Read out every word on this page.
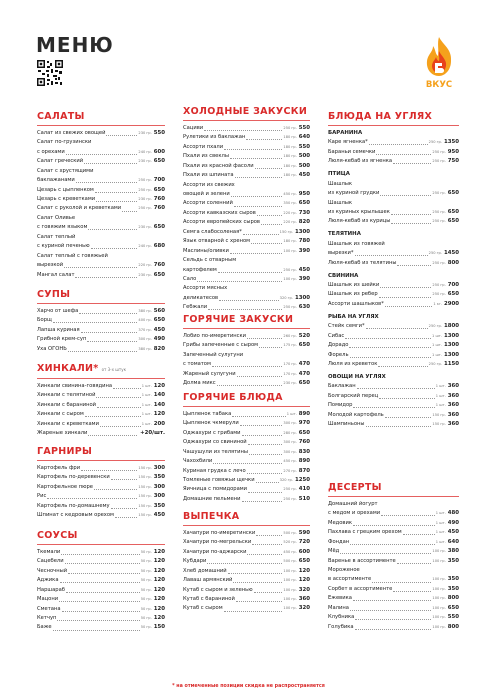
МЕНЮ
ВКУС
САЛАТЫ
Салат из свежих овощей	230 гр. 550
Салат по-грузински
с орехами	240 гр. 600
Салат греческий	230 гр. 650
Салат с хрустящими
баклажанами	250 гр. 700
Цезарь с цыпленком	250 гр. 650
Цезарь с креветками	230 гр. 760
Салат с руколой и креветками	250 гр. 760
Салат Оливье
с говяжим языком	230 гр. 650
Салат теплый
с куриной печенью	240 гр. 680
Салат теплый с говяжьей
вырезкой	220 гр. 760
Мангал салат	230 гр. 650
СУПЫ
Харчо от шефа	380 гр. 560
Борщ	400 гр. 650
Лапша куриная	370 гр. 450
Грибной крем-суп	300 гр. 490
Уха ОГОНЬ	380 гр. 820
ХИНКАЛИ* от 3-х штук
Хинкали свинина-говядина	1 шт. 120
Хинкали с телятиной	1 шт. 140
Хинкали с бараниной	1 шт. 140
Хинкали с сыром	1 шт. 120
Хинкали с креветками	1 шт. 200
Жареные хинкали	+20/шт.
ГАРНИРЫ
Картофель фри	150 гр. 300
Картофель по-деревенски	150 гр. 350
Картофельное пюре	150 гр. 300
Рис	150 гр. 300
Картофель по-домашнему	150 гр. 350
Шпинат с кедровым орехом	150 гр. 450
СОУСЫ
Ткемали	50 гр. 120
Сацебели	50 гр. 120
Чесночный	50 гр. 120
Аджика	50 гр. 120
Наршараб	50 гр. 120
Мацони	50 гр. 120
Сметана	50 гр. 120
Кетчуп	50 гр. 120
Баже	50 гр. 150
ХОЛОДНЫЕ ЗАКУСКИ
Сациви	250 гр. 550
Рулетики из баклажан	180 гр. 640
Ассорти пхали	180 гр. 550
Пхали из свеклы	180 гр. 500
Пхали из красной фасоли	180 гр. 500
Пхали из шпината	180 гр. 450
Ассорти из свежих
овощей и зелени	450 гр. 950
Ассорти соленний	350 гр. 650
Ассорти кавказских сыров	220 гр. 730
Ассорти европейских сыров	220 гр. 820
Семга слабосоленая*	150 гр. 1300
Язык отварной с хреном	180 гр. 780
Маслины/оливки	100 гр. 390
Сельдь с отварным
картофелем	250 гр. 450
Сало	100 гр. 390
Ассорти мясных
деликатесов	320 гр. 1300
Гебжали	250 гр. 630
ГОРЯЧИЕ ЗАКУСКИ
Лобио по-имеретински	260 гр. 520
Грибы запеченные с сыром	175 гр. 650
Запеченный сулугуни
с томатом	170 гр. 470
Жареный сулугуни	170 гр. 470
Долма микс	230 гр. 650
ГОРЯЧИЕ БЛЮДА
Цыпленок табака	1 шт. 890
Цыпленок чкмерули	300 гр. 970
Оджахури с грибами	280 гр. 650
Оджахури со свининой	300 гр. 760
Чашушули из телятины	300 гр. 830
Чахохбили	450 гр. 890
Куриная грудка с лечо	270 гр. 870
Томленые говяжьи щечки	320 гр. 1250
Яичница с помидорами	250 гр. 410
Домашние пельмени	250 гр. 510
ВЫПЕЧКА
Хачапури по-имеретински	500 гр. 590
Хачапури по-мегрельски	520 гр. 720
Хачапури по-аджарски	450 гр. 600
Кубдари	500 гр. 650
Хлеб домашний	100 гр. 120
Лаваш армянский	100 гр. 120
Кутаб с сыром и зеленью	100 гр. 320
Кутаб с бараниной	100 гр. 360
Кутаб с сыром	100 гр. 320
БЛЮДА НА УГЛЯХ
БАРАНИНА
Каре ягненка*	250 гр. 1350
Бараньи семечки	250 гр. 950
Люля-кебаб из ягненка	250 гр. 750
ПТИЦА
Шашлык
из куриной грудки	250 гр. 650
Шашлык
из куриных крылышек	250 гр. 650
Люля-кебаб из курицы	250 гр. 650
ТЕЛЯТИНА
Шашлык из говяжей
вырезки*	250 гр. 1450
Люля-кебаб из телятины	250 гр. 800
СВИНИНА
Шашлык из шейки	250 гр. 700
Шашлык из ребер	250 гр. 650
Ассорти шашлыков*	1 кг. 2900
РЫБА НА УГЛЯХ
Стейк семги*	250 гр. 1800
Сибас	1 шт. 1300
Дорадо	1 шт. 1300
Форель	1 шт. 1300
Люля из креветок	250 гр. 1150
ОВОЩИ НА УГЛЯХ
Баклажан	1 шт. 360
Болгарский перец	1 шт. 360
Помидор	1 шт. 360
Молодой картофель	150 гр. 360
Шампиньоны	150 гр. 360
ДЕСЕРТЫ
Домашний йогурт
с медом и орехами	1 шт. 480
Медовик	1 шт. 490
Пахлава с грецким орехом	1 шт. 450
Фондан	1 шт. 640
Мёд	100 гр. 380
Варенье в ассортименте	100 гр. 350
Мороженое
в ассортименте	100 гр. 350
Сорбет в ассортименте	100 гр. 350
Ежевика	100 гр. 800
Малина	100 гр. 650
Клубника	100 гр. 550
Голубика	100 гр. 800
* на отмеченные позиции скидка не распространяется
